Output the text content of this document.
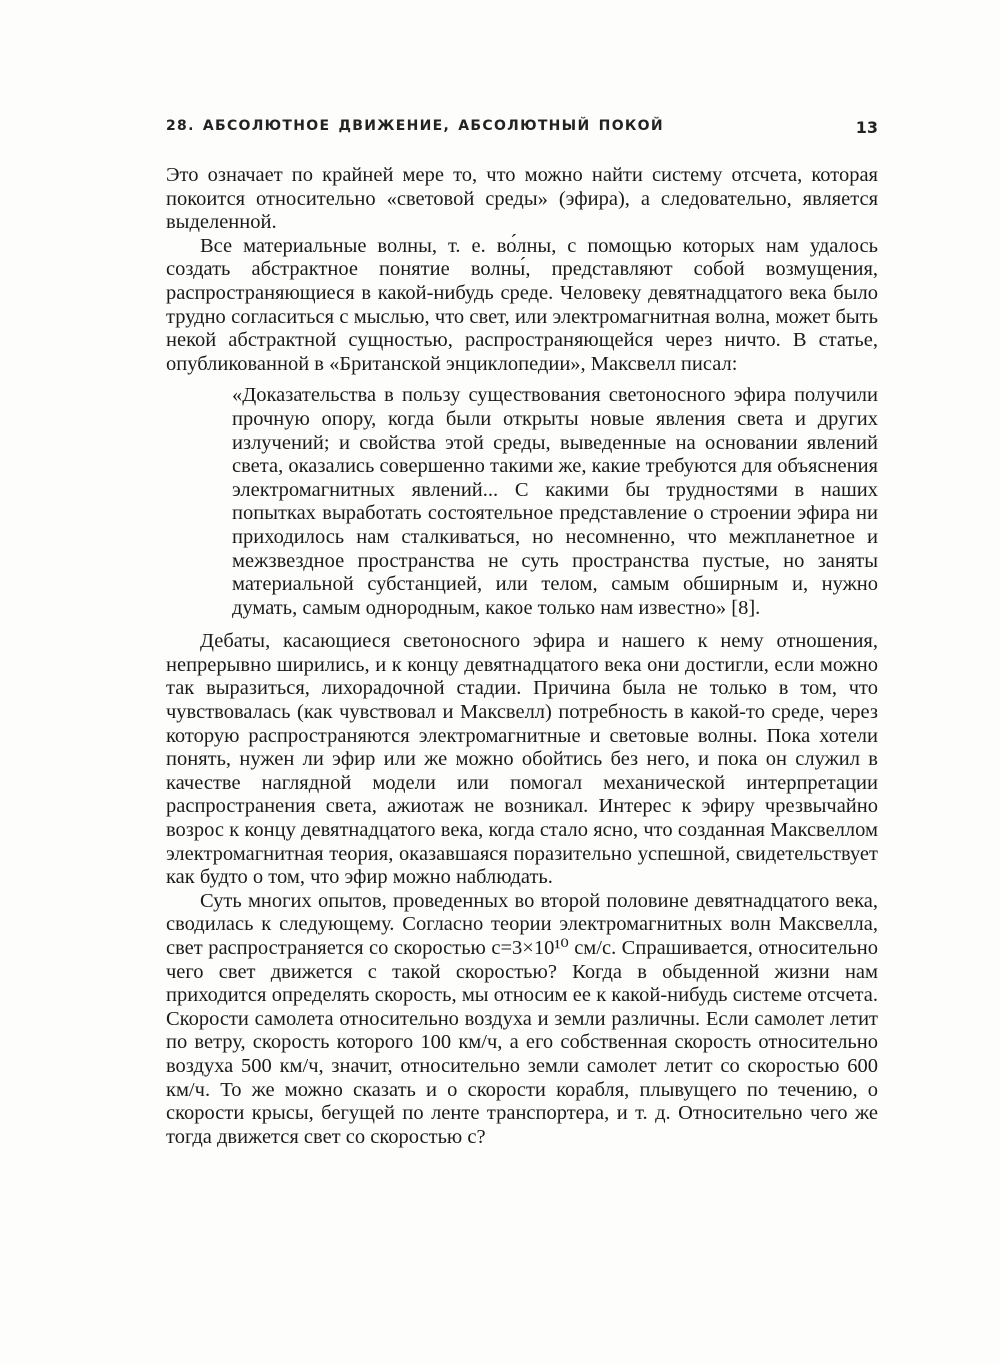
28. АБСОЛЮТНОЕ ДВИЖЕНИЕ, АБСОЛЮТНЫЙ ПОКОЙ	13

Это означает по крайней мере то, что можно найти систему отсчета, которая покоится относительно «световой среды» (эфира), а следовательно, является выделенной.

Все материальные волны, т. е. во́лны, с помощью которых нам удалось создать абстрактное понятие волны́, представляют собой возмущения, распространяющиеся в какой-нибудь среде. Человеку девятнадцатого века было трудно согласиться с мыслью, что свет, или электромагнитная волна, может быть некой абстрактной сущностью, распространяющейся через ничто. В статье, опубликованной в «Британской энциклопедии», Максвелл писал:

«Доказательства в пользу существования светоносного эфира получили прочную опору, когда были открыты новые явления света и других излучений; и свойства этой среды, выведенные на основании явлений света, оказались совершенно такими же, какие требуются для объяснения электромагнитных явлений... С какими бы трудностями в наших попытках выработать состоятельное представление о строении эфира ни приходилось нам сталкиваться, но несомненно, что межпланетное и межзвездное пространства не суть пространства пустые, но заняты материальной субстанцией, или телом, самым обширным и, нужно думать, самым однородным, какое только нам известно» [8].

Дебаты, касающиеся светоносного эфира и нашего к нему отношения, непрерывно ширились, и к концу девятнадцатого века они достигли, если можно так выразиться, лихорадочной стадии. Причина была не только в том, что чувствовалась (как чувствовал и Максвелл) потребность в какой-то среде, через которую распространяются электромагнитные и световые волны. Пока хотели понять, нужен ли эфир или же можно обойтись без него, и пока он служил в качестве наглядной модели или помогал механической интерпретации распространения света, ажиотаж не возникал. Интерес к эфиру чрезвычайно возрос к концу девятнадцатого века, когда стало ясно, что созданная Максвеллом электромагнитная теория, оказавшаяся поразительно успешной, свидетельствует как будто о том, что эфир можно наблюдать.

Суть многих опытов, проведенных во второй половине девятнадцатого века, сводилась к следующему. Согласно теории электромагнитных волн Максвелла, свет распространяется со скоростью c=3×10¹⁰ см/с. Спрашивается, относительно чего свет движется с такой скоростью? Когда в обыденной жизни нам приходится определять скорость, мы относим ее к какой-нибудь системе отсчета. Скорости самолета относительно воздуха и земли различны. Если самолет летит по ветру, скорость которого 100 км/ч, а его собственная скорость относительно воздуха 500 км/ч, значит, относительно земли самолет летит со скоростью 600 км/ч. То же можно сказать и о скорости корабля, плывущего по течению, о скорости крысы, бегущей по ленте транспортера, и т. д. Относительно чего же тогда движется свет со скоростью c?
